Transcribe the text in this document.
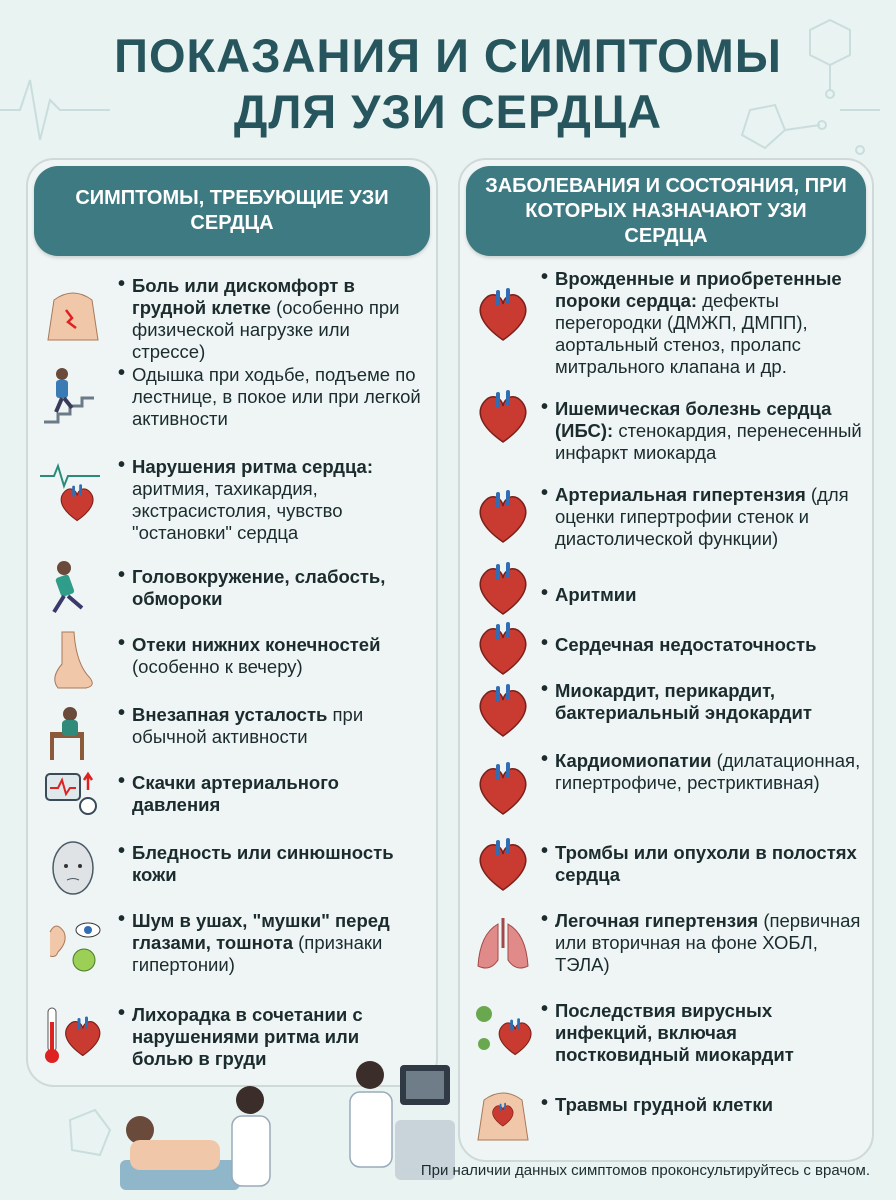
ПОКАЗАНИЯ И СИМПТОМЫ
ДЛЯ УЗИ СЕРДЦА
СИМПТОМЫ, ТРЕБУЮЩИЕ УЗИ СЕРДЦА
ЗАБОЛЕВАНИЯ И СОСТОЯНИЯ, ПРИ КОТОРЫХ НАЗНАЧАЮТ УЗИ СЕРДЦА
• Боль или дискомфорт в грудной клетке (особенно при физической нагрузке или стрессе)
• Одышка при ходьбе, подъеме по лестнице, в покое или при легкой активности
• Нарушения ритма сердца: аритмия, тахикардия, экстрасистолия, чувство "остановки" сердца
• Головокружение, слабость, обмороки
• Отеки нижних конечностей (особенно к вечеру)
• Внезапная усталость при обычной активности
• Скачки артериального давления
• Бледность или синюшность кожи
• Шум в ушах, "мушки" перед глазами, тошнота (признаки гипертонии)
• Лихорадка в сочетании с нарушениями ритма или болью в груди
• Врожденные и приобретенные пороки сердца: дефекты перегородки (ДМЖП, ДМПП), аортальный стеноз, пролапс митрального клапана и др.
• Ишемическая болезнь сердца (ИБС): стенокардия, перенесенный инфаркт миокарда
• Артериальная гипертензия (для оценки гипертрофии стенок и диастолической функции)
• Аритмии
• Сердечная недостаточность
• Миокардит, перикардит, бактериальный эндокардит
• Кардиомиопатии (дилатационная, гипертрофиче, рестриктивная)
• Тромбы или опухоли в полостях сердца
• Легочная гипертензия (первичная или вторичная на фоне ХОБЛ, ТЭЛА)
• Последствия вирусных инфекций, включая постковидный миокардит
• Травмы грудной клетки
При наличии данных симптомов проконсультируйтесь с врачом.
